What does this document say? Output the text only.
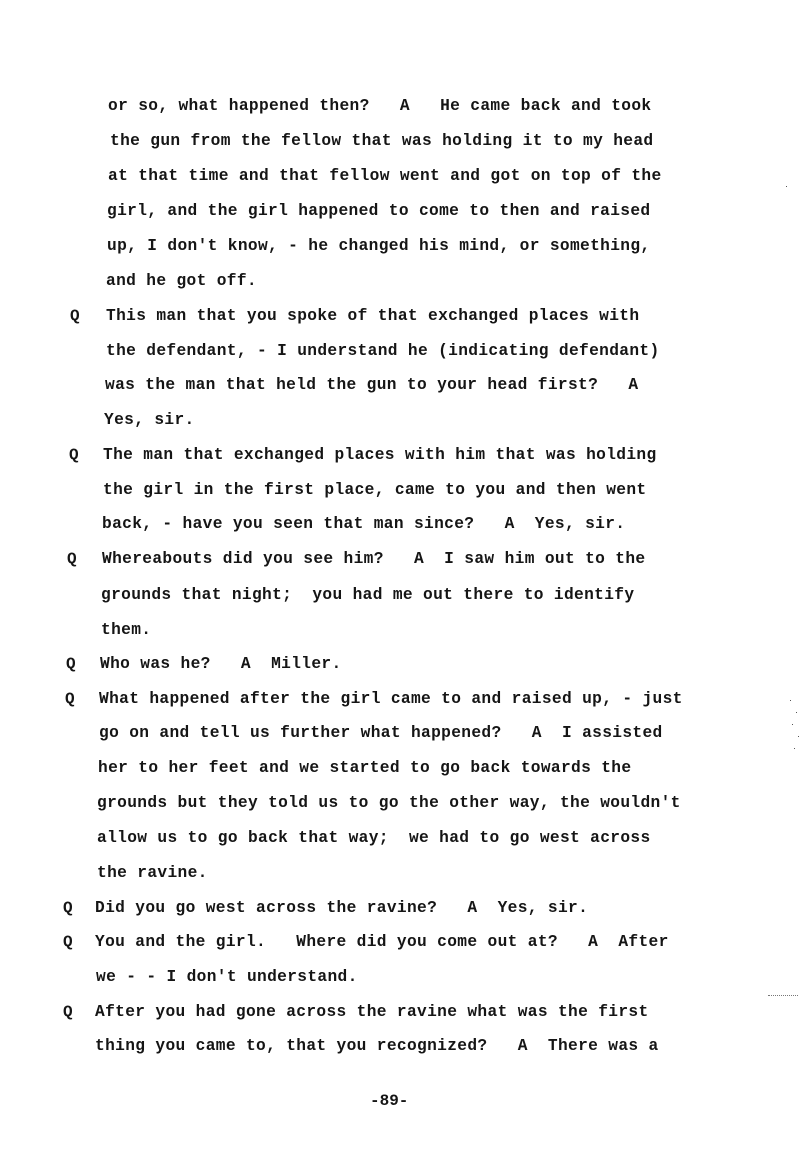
or so, what happened then?   A   He came back and took
the gun from the fellow that was holding it to my head
at that time and that fellow went and got on top of the
girl, and the girl happened to come to then and raised
up, I don't know, - he changed his mind, or something,
and he got off.
Q This man that you spoke of that exchanged places with
the defendant, - I understand he (indicating defendant)
was the man that held the gun to your head first?   A
Yes, sir.
Q The man that exchanged places with him that was holding
the girl in the first place, came to you and then went
back, - have you seen that man since?   A  Yes, sir.
Q Whereabouts did you see him?   A  I saw him out to the
grounds that night;  you had me out there to identify
them.
Q Who was he?   A  Miller.
Q What happened after the girl came to and raised up, - just
go on and tell us further what happened?   A  I assisted
her to her feet and we started to go back towards the
grounds but they told us to go the other way, the wouldn't
allow us to go back that way;  we had to go west across
the ravine.
Q Did you go west across the ravine?   A  Yes, sir.
Q You and the girl.   Where did you come out at?   A  After
we - - I don't understand.
Q After you had gone across the ravine what was the first
thing you came to, that you recognized?   A  There was a
-89-
